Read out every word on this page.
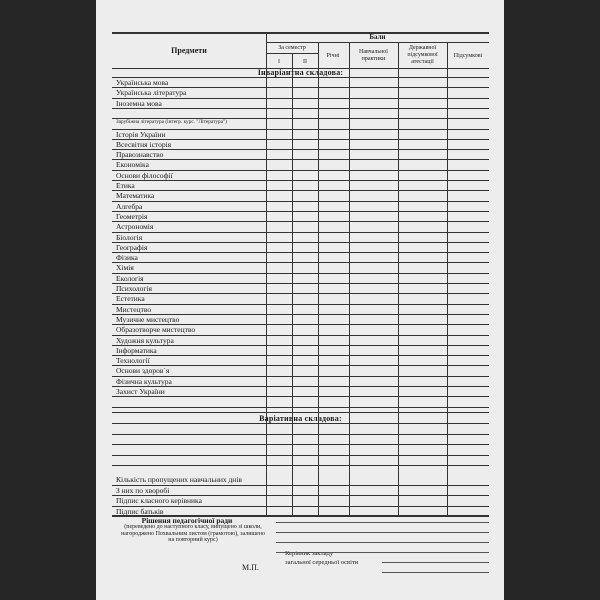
Предмети
Бали
За семестр
І	ІІ
Річні
Навчальної практики
Державної підсумкової атестації
Підсумкові
Інваріантна складова:
Варіативна складова:
Українська мова
Українська література
Іноземна мова
Зарубіжна література (інтегр. курс. "Література")
Історія України
Всесвітня історія
Правознавство
Економіка
Основи філософії
Етика
Математика
Алгебра
Геометрія
Астрономія
Біологія
Географія
Фізика
Хімія
Екологія
Психологія
Естетика
Мистецтво
Музичне мистецтво
Образотворче мистецтво
Художня культура
Інформатика
Технології
Основи здоров`я
Фізична культура
Захист України
Кількість пропущених навчальних днів
З них по хворобі
Підпис класного керівника
Підпис батьків
Рішення педагогічної ради
(переведено до наступного класу, випущено зі школи, нагороджено Похвальним листом (грамотою), залишено на повторний курс)
М.П.
Керівник закладу
загальної середньої освіти
